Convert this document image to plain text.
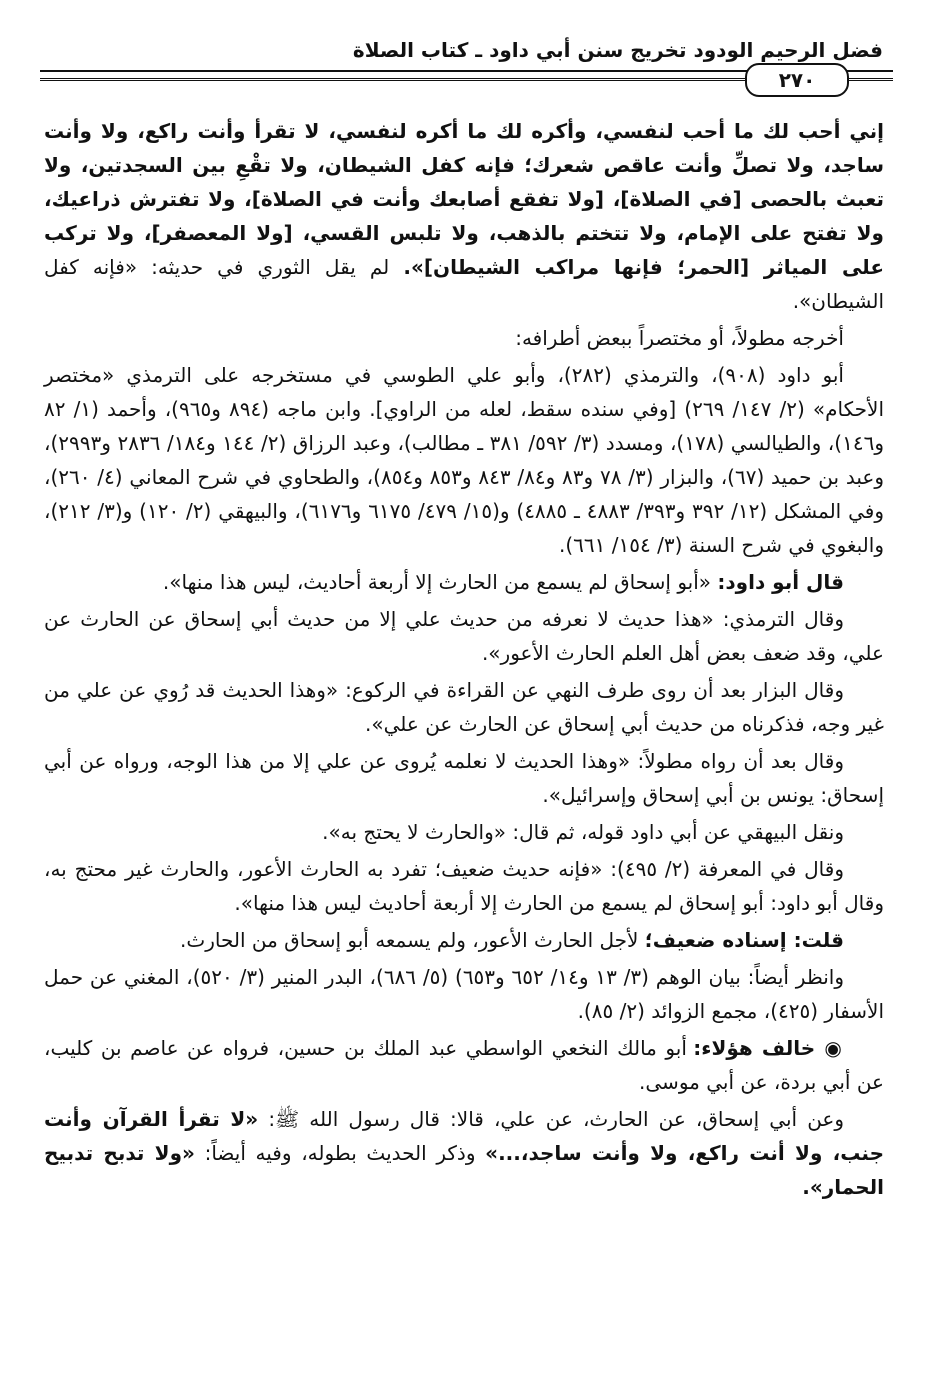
فضل الرحيم الودود تخريج سنن أبي داود ـ كتاب الصلاة
٢٧٠

إني أحب لك ما أحب لنفسي، وأكره لك ما أكره لنفسي، لا تقرأ وأنت راكع، ولا وأنت ساجد، ولا تصلِّ وأنت عاقص شعرك؛ فإنه كفل الشيطان، ولا تقْعِ بين السجدتين، ولا تعبث بالحصى [في الصلاة]، [ولا تفقع أصابعك وأنت في الصلاة]، ولا تفترش ذراعيك، ولا تفتح على الإمام، ولا تتختم بالذهب، ولا تلبس القسي، [ولا المعصفر]، ولا تركب على المياثر [الحمر؛ فإنها مراكب الشيطان]». لم يقل الثوري في حديثه: «فإنه كفل الشيطان».

أخرجه مطولاً، أو مختصراً ببعض أطرافه:

أبو داود (٩٠٨)، والترمذي (٢٨٢)، وأبو علي الطوسي في مستخرجه على الترمذي «مختصر الأحكام» (٢/ ١٤٧/ ٢٦٩) [وفي سنده سقط، لعله من الراوي]. وابن ماجه (٨٩٤ و٩٦٥)، وأحمد (١/ ٨٢ و١٤٦)، والطيالسي (١٧٨)، ومسدد (٣/ ٥٩٢/ ٣٨١ ـ مطالب)، وعبد الرزاق (٢/ ١٤٤ و١٨٤/ ٢٨٣٦ و٢٩٩٣)، وعبد بن حميد (٦٧)، والبزار (٣/ ٧٨ و٨٣ و٨٤/ ٨٤٣ و٨٥٣ و٨٥٤)، والطحاوي في شرح المعاني (٤/ ٢٦٠)، وفي المشكل (١٢/ ٣٩٢ و٣٩٣/ ٤٨٨٣ ـ ٤٨٨٥) و(١٥/ ٤٧٩/ ٦١٧٥ و٦١٧٦)، والبيهقي (٢/ ١٢٠) و(٣/ ٢١٢)، والبغوي في شرح السنة (٣/ ١٥٤/ ٦٦١).

قال أبو داود: «أبو إسحاق لم يسمع من الحارث إلا أربعة أحاديث، ليس هذا منها».

وقال الترمذي: «هذا حديث لا نعرفه من حديث علي إلا من حديث أبي إسحاق عن الحارث عن علي، وقد ضعف بعض أهل العلم الحارث الأعور».

وقال البزار بعد أن روى طرف النهي عن القراءة في الركوع: «وهذا الحديث قد رُوي عن علي من غير وجه، فذكرناه من حديث أبي إسحاق عن الحارث عن علي».

وقال بعد أن رواه مطولاً: «وهذا الحديث لا نعلمه يُروى عن علي إلا من هذا الوجه، ورواه عن أبي إسحاق: يونس بن أبي إسحاق وإسرائيل».

ونقل البيهقي عن أبي داود قوله، ثم قال: «والحارث لا يحتج به».

وقال في المعرفة (٢/ ٤٩٥): «فإنه حديث ضعيف؛ تفرد به الحارث الأعور، والحارث غير محتج به، وقال أبو داود: أبو إسحاق لم يسمع من الحارث إلا أربعة أحاديث ليس هذا منها».

قلت: إسناده ضعيف؛ لأجل الحارث الأعور، ولم يسمعه أبو إسحاق من الحارث.

وانظر أيضاً: بيان الوهم (٣/ ١٣ و١٤/ ٦٥٢ و٦٥٣) (٥/ ٦٨٦)، البدر المنير (٣/ ٥٢٠)، المغني عن حمل الأسفار (٤٢٥)، مجمع الزوائد (٢/ ٨٥).

◉ خالف هؤلاء: أبو مالك النخعي الواسطي عبد الملك بن حسين، فرواه عن عاصم بن كليب، عن أبي بردة، عن أبي موسى.

وعن أبي إسحاق، عن الحارث، عن علي، قالا: قال رسول الله ﷺ: «لا تقرأ القرآن وأنت جنب، ولا أنت راكع، ولا وأنت ساجد،...» وذكر الحديث بطوله، وفيه أيضاً: «ولا تدبح تدبيح الحمار».
